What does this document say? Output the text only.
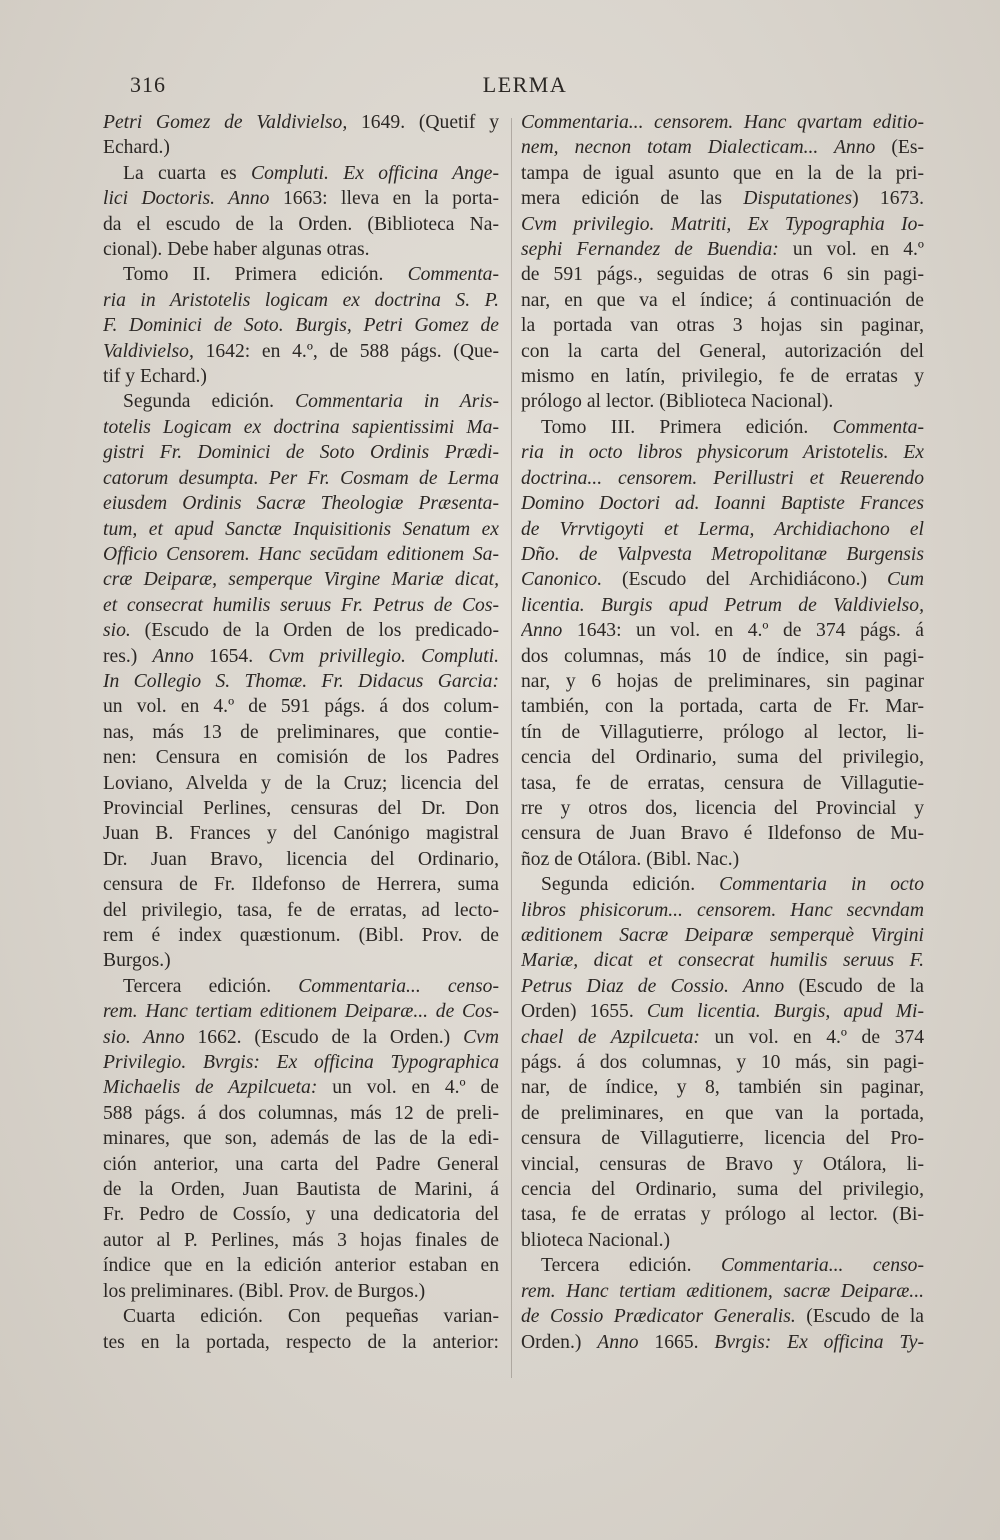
316	LERMA
Petri Gomez de Valdivielso, 1649. (Quetif y
Echard.)
La cuarta es Compluti. Ex officina Ange-
lici Doctoris. Anno 1663: lleva en la porta-
da el escudo de la Orden. (Biblioteca Na-
cional). Debe haber algunas otras.
Tomo II. Primera edición. Commenta-
ria in Aristotelis logicam ex doctrina S. P.
F. Dominici de Soto. Burgis, Petri Gomez de
Valdivielso, 1642: en 4.º, de 588 págs. (Que-
tif y Echard.)
Segunda edición. Commentaria in Aris-
totelis Logicam ex doctrina sapientissimi Ma-
gistri Fr. Dominici de Soto Ordinis Prædi-
catorum desumpta. Per Fr. Cosmam de Lerma
eiusdem Ordinis Sacræ Theologiæ Præsenta-
tum, et apud Sanctæ Inquisitionis Senatum ex
Officio Censorem. Hanc secūdam editionem Sa-
cræ Deiparæ, semperque Virgine Mariæ dicat,
et consecrat humilis seruus Fr. Petrus de Cos-
sio. (Escudo de la Orden de los predicado-
res.) Anno 1654. Cvm privillegio. Compluti.
In Collegio S. Thomæ. Fr. Didacus Garcia:
un vol. en 4.º de 591 págs. á dos colum-
nas, más 13 de preliminares, que contie-
nen: Censura en comisión de los Padres
Loviano, Alvelda y de la Cruz; licencia del
Provincial Perlines, censuras del Dr. Don
Juan B. Frances y del Canónigo magistral
Dr. Juan Bravo, licencia del Ordinario,
censura de Fr. Ildefonso de Herrera, suma
del privilegio, tasa, fe de erratas, ad lecto-
rem é index quæstionum. (Bibl. Prov. de
Burgos.)
Tercera edición. Commentaria... censo-
rem. Hanc tertiam editionem Deiparæ... de Cos-
sio. Anno 1662. (Escudo de la Orden.) Cvm
Privilegio. Bvrgis: Ex officina Typographica
Michaelis de Azpilcueta: un vol. en 4.º de
588 págs. á dos columnas, más 12 de preli-
minares, que son, además de las de la edi-
ción anterior, una carta del Padre General
de la Orden, Juan Bautista de Marini, á
Fr. Pedro de Cossío, y una dedicatoria del
autor al P. Perlines, más 3 hojas finales de
índice que en la edición anterior estaban en
los preliminares. (Bibl. Prov. de Burgos.)
Cuarta edición. Con pequeñas varian-
tes en la portada, respecto de la anterior:
Commentaria... censorem. Hanc qvartam editio-
nem, necnon totam Dialecticam... Anno (Es-
tampa de igual asunto que en la de la pri-
mera edición de las Disputationes) 1673.
Cvm privilegio. Matriti, Ex Typographia Io-
sephi Fernandez de Buendia: un vol. en 4.º
de 591 págs., seguidas de otras 6 sin pagi-
nar, en que va el índice; á continuación de
la portada van otras 3 hojas sin paginar,
con la carta del General, autorización del
mismo en latín, privilegio, fe de erratas y
prólogo al lector. (Biblioteca Nacional).
Tomo III. Primera edición. Commenta-
ria in octo libros physicorum Aristotelis. Ex
doctrina... censorem. Perillustri et Reuerendo
Domino Doctori ad. Ioanni Baptiste Frances
de Vrrvtigoyti et Lerma, Archidiachono el
Dño. de Valpvesta Metropolitanæ Burgensis
Canonico. (Escudo del Archidiácono.) Cum
licentia. Burgis apud Petrum de Valdivielso,
Anno 1643: un vol. en 4.º de 374 págs. á
dos columnas, más 10 de índice, sin pagi-
nar, y 6 hojas de preliminares, sin paginar
también, con la portada, carta de Fr. Mar-
tín de Villagutierre, prólogo al lector, li-
cencia del Ordinario, suma del privilegio,
tasa, fe de erratas, censura de Villagutie-
rre y otros dos, licencia del Provincial y
censura de Juan Bravo é Ildefonso de Mu-
ñoz de Otálora. (Bibl. Nac.)
Segunda edición. Commentaria in octo
libros phisicorum... censorem. Hanc secvndam
æditionem Sacræ Deiparæ semperquè Virgini
Mariæ, dicat et consecrat humilis seruus F.
Petrus Diaz de Cossio. Anno (Escudo de la
Orden) 1655. Cum licentia. Burgis, apud Mi-
chael de Azpilcueta: un vol. en 4.º de 374
págs. á dos columnas, y 10 más, sin pagi-
nar, de índice, y 8, también sin paginar,
de preliminares, en que van la portada,
censura de Villagutierre, licencia del Pro-
vincial, censuras de Bravo y Otálora, li-
cencia del Ordinario, suma del privilegio,
tasa, fe de erratas y prólogo al lector. (Bi-
blioteca Nacional.)
Tercera edición. Commentaria... censo-
rem. Hanc tertiam æditionem, sacræ Deiparæ...
de Cossio Prædicator Generalis. (Escudo de la
Orden.) Anno 1665. Bvrgis: Ex officina Ty-
